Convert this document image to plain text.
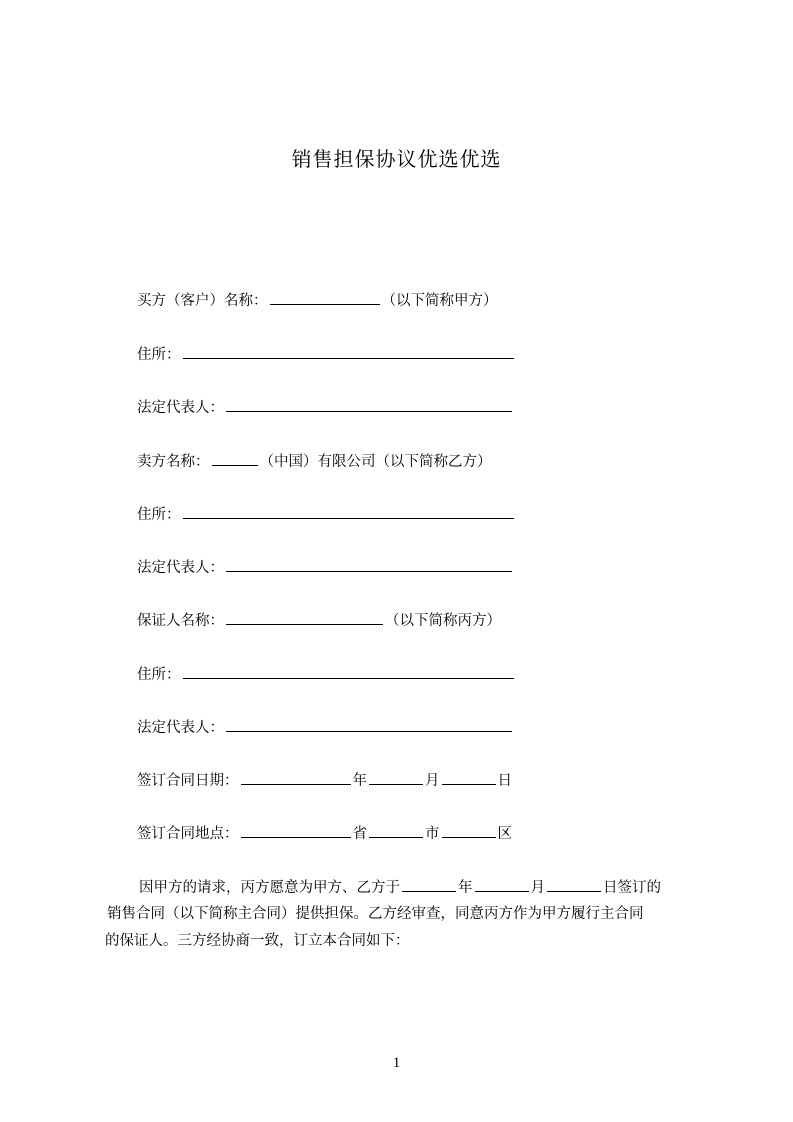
销售担保协议优选优选
买方（客户）名称：	（以下简称甲方）
住所：
法定代表人：
卖方名称：	（中国）有限公司（以下简称乙方）
住所：
法定代表人：
保证人名称：	（以下简称丙方）
住所：
法定代表人：
签订合同日期：	年	月	日
签订合同地点：	省	市	区
因甲方的请求，丙方愿意为甲方、乙方于	年	月	日签订的
销售合同（以下简称主合同）提供担保。乙方经审查，同意丙方作为甲方履行主合同
的保证人。三方经协商一致，订立本合同如下：
1
